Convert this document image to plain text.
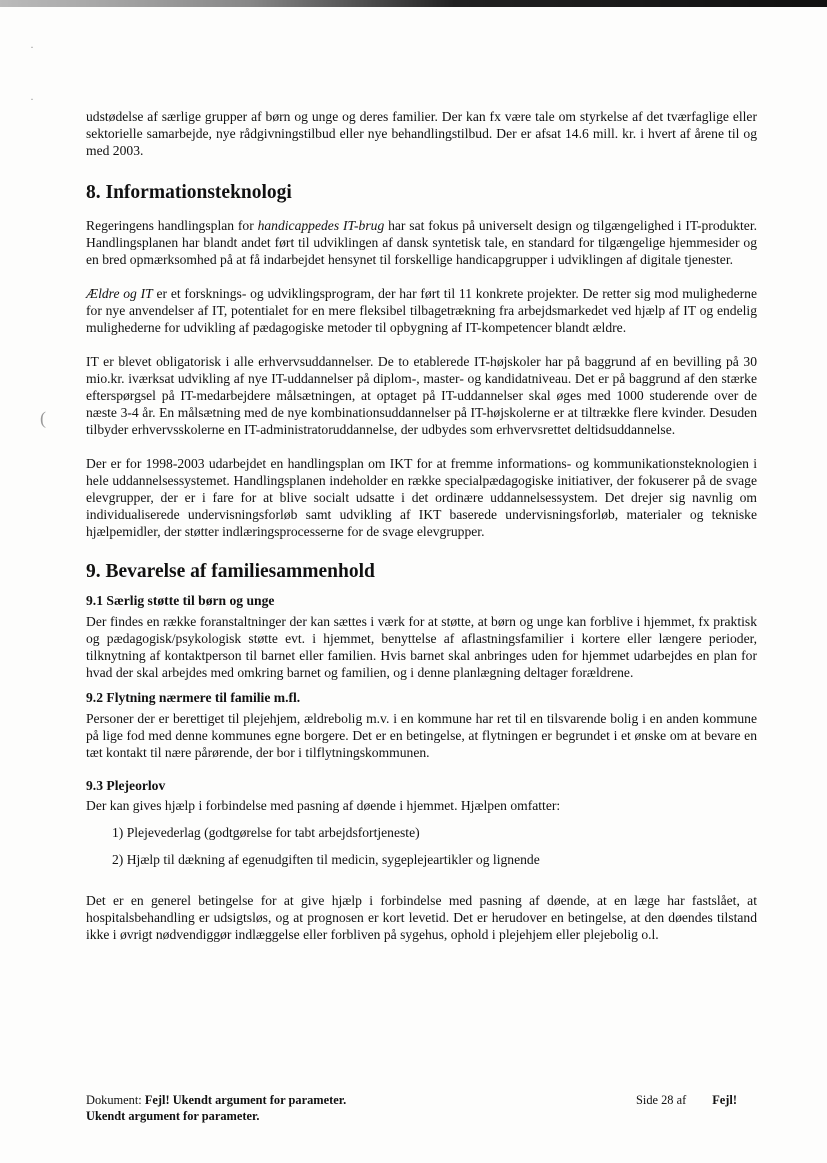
·
·
(

udstødelse af særlige grupper af børn og unge og deres familier. Der kan fx være tale om styrkelse af det tværfaglige eller sektorielle samarbejde, nye rådgivningstilbud eller nye behandlingstilbud. Der er afsat 14.6 mill. kr. i hvert af årene til og med 2003.

8. Informationsteknologi

Regeringens handlingsplan for handicappedes IT-brug har sat fokus på universelt design og tilgængelighed i IT-produkter. Handlingsplanen har blandt andet ført til udviklingen af dansk syntetisk tale, en standard for tilgængelige hjemmesider og en bred opmærksomhed på at få indarbejdet hensynet til forskellige handicapgrupper i udviklingen af digitale tjenester.

Ældre og IT er et forsknings- og udviklingsprogram, der har ført til 11 konkrete projekter. De retter sig mod mulighederne for nye anvendelser af IT, potentialet for en mere fleksibel tilbagetrækning fra arbejdsmarkedet ved hjælp af IT og endelig mulighederne for udvikling af pædagogiske metoder til opbygning af IT-kompetencer blandt ældre.

IT er blevet obligatorisk i alle erhvervsuddannelser. De to etablerede IT-højskoler har på baggrund af en bevilling på 30 mio.kr. iværksat udvikling af nye IT-uddannelser på diplom-, master- og kandidatniveau. Det er på baggrund af den stærke efterspørgsel på IT-medarbejdere målsætningen, at optaget på IT-uddannelser skal øges med 1000 studerende over de næste 3-4 år. En målsætning med de nye kombinationsuddannelser på IT-højskolerne er at tiltrække flere kvinder. Desuden tilbyder erhvervsskolerne en IT-administratoruddannelse, der udbydes som erhvervsrettet deltidsuddannelse.

Der er for 1998-2003 udarbejdet en handlingsplan om IKT for at fremme informations- og kommunikationsteknologien i hele uddannelsessystemet. Handlingsplanen indeholder en række specialpædagogiske initiativer, der fokuserer på de svage elevgrupper, der er i fare for at blive socialt udsatte i det ordinære uddannelsessystem. Det drejer sig navnlig om individualiserede undervisningsforløb samt udvikling af IKT baserede undervisningsforløb, materialer og tekniske hjælpemidler, der støtter indlæringsprocesserne for de svage elevgrupper.

9. Bevarelse af familiesammenhold
9.1 Særlig støtte til børn og unge

Der findes en række foranstaltninger der kan sættes i værk for at støtte, at børn og unge kan forblive i hjemmet, fx praktisk og pædagogisk/psykologisk støtte evt. i hjemmet, benyttelse af aflastningsfamilier i kortere eller længere perioder, tilknytning af kontaktperson til barnet eller familien. Hvis barnet skal anbringes uden for hjemmet udarbejdes en plan for hvad der skal arbejdes med omkring barnet og familien, og i denne planlægning deltager forældrene.

9.2 Flytning nærmere til familie m.fl.

Personer der er berettiget til plejehjem, ældrebolig m.v. i en kommune har ret til en tilsvarende bolig i en anden kommune på lige fod med denne kommunes egne borgere. Det er en betingelse, at flytningen er begrundet i et ønske om at bevare en tæt kontakt til nære pårørende, der bor i tilflytningskommunen.

9.3 Plejeorlov

Der kan gives hjælp i forbindelse med pasning af døende i hjemmet. Hjælpen omfatter:

1) Plejevederlag (godtgørelse for tabt arbejdsfortjeneste)

2) Hjælp til dækning af egenudgiften til medicin, sygeplejeartikler og lignende

Det er en generel betingelse for at give hjælp i forbindelse med pasning af døende, at en læge har fastslået, at hospitalsbehandling er udsigtsløs, og at prognosen er kort levetid. Det er herudover en betingelse, at den døendes tilstand ikke i øvrigt nødvendiggør indlæggelse eller forbliven på sygehus, ophold i plejehjem eller plejebolig o.l.

Dokument: Fejl! Ukendt argument for parameter.
Ukendt argument for parameter.
Side 28 af Fejl!
